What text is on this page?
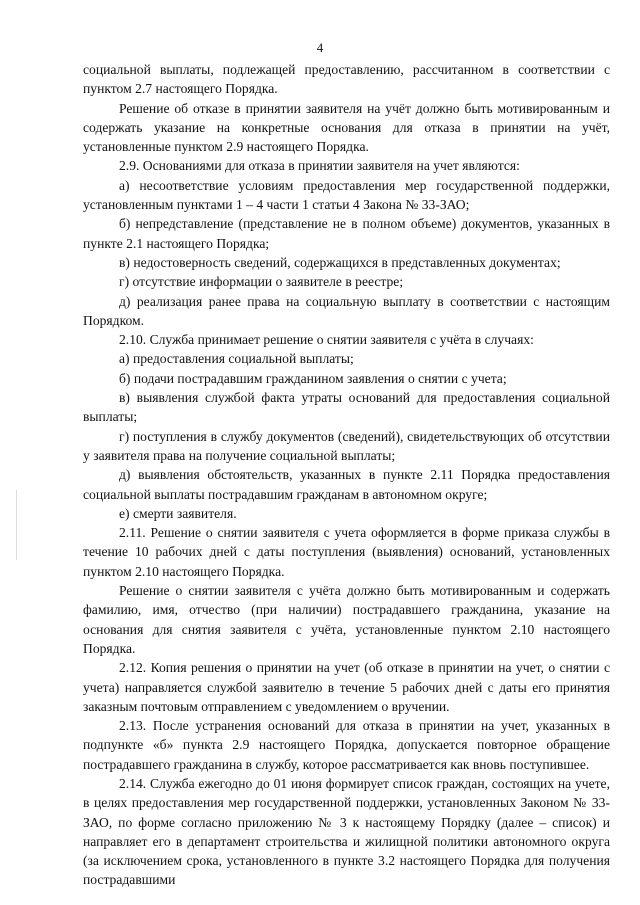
4

социальной выплаты, подлежащей предоставлению, рассчитанном в соответствии с пунктом 2.7 настоящего Порядка.

Решение об отказе в принятии заявителя на учёт должно быть мотивированным и содержать указание на конкретные основания для отказа в принятии на учёт, установленные пунктом 2.9 настоящего Порядка.

2.9. Основаниями для отказа в принятии заявителя на учет являются:

а) несоответствие условиям предоставления мер государственной поддержки, установленным пунктами 1 – 4 части 1 статьи 4 Закона № 33-ЗАО;

б) непредставление (представление не в полном объеме) документов, указанных в пункте 2.1 настоящего Порядка;

в) недостоверность сведений, содержащихся в представленных документах;

г) отсутствие информации о заявителе в реестре;

д) реализация ранее права на социальную выплату в соответствии с настоящим Порядком.

2.10. Служба принимает решение о снятии заявителя с учёта в случаях:

а) предоставления социальной выплаты;

б) подачи пострадавшим гражданином заявления о снятии с учета;

в) выявления службой факта утраты оснований для предоставления социальной выплаты;

г) поступления в службу документов (сведений), свидетельствующих об отсутствии у заявителя права на получение социальной выплаты;

д) выявления обстоятельств, указанных в пункте 2.11 Порядка предоставления социальной выплаты пострадавшим гражданам в автономном округе;

е) смерти заявителя.

2.11. Решение о снятии заявителя с учета оформляется в форме приказа службы в течение 10 рабочих дней с даты поступления (выявления) оснований, установленных пунктом 2.10 настоящего Порядка.

Решение о снятии заявителя с учёта должно быть мотивированным и содержать фамилию, имя, отчество (при наличии) пострадавшего гражданина, указание на основания для снятия заявителя с учёта, установленные пунктом 2.10 настоящего Порядка.

2.12. Копия решения о принятии на учет (об отказе в принятии на учет, о снятии с учета) направляется службой заявителю в течение 5 рабочих дней с даты его принятия заказным почтовым отправлением с уведомлением о вручении.

2.13. После устранения оснований для отказа в принятии на учет, указанных в подпункте «б» пункта 2.9 настоящего Порядка, допускается повторное обращение пострадавшего гражданина в службу, которое рассматривается как вновь поступившее.

2.14. Служба ежегодно до 01 июня формирует список граждан, состоящих на учете, в целях предоставления мер государственной поддержки, установленных Законом № 33-ЗАО, по форме согласно приложению № 3 к настоящему Порядку (далее – список) и направляет его в департамент строительства и жилищной политики автономного округа (за исключением срока, установленного в пункте 3.2 настоящего Порядка для получения пострадавшими
